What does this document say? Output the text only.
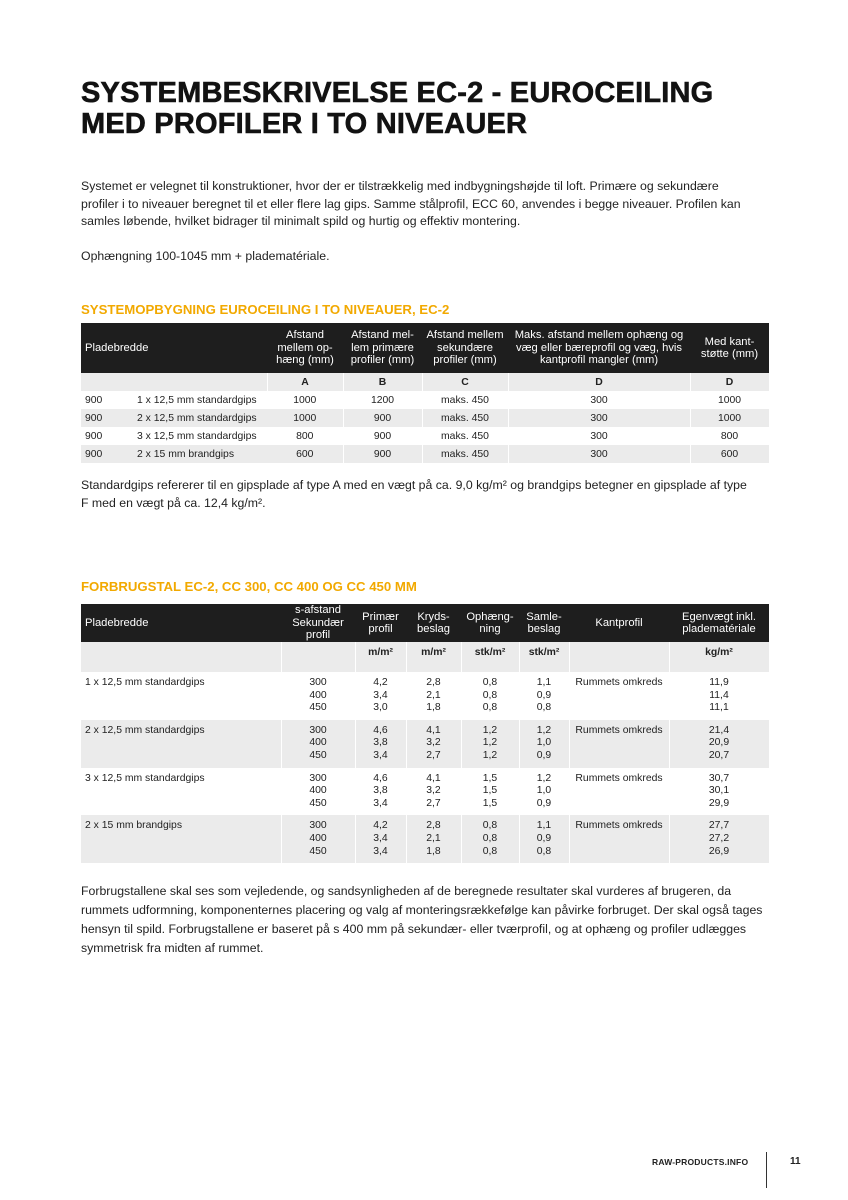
SYSTEMBESKRIVELSE EC-2 - EUROCEILING MED PROFILER I TO NIVEAUER

Systemet er velegnet til konstruktioner, hvor der er tilstrækkelig med indbygningshøjde til loft. Primære og sekundære profiler i to niveauer beregnet til et eller flere lag gips. Samme stålprofil, ECC 60, anvendes i begge niveauer. Profilen kan samles løbende, hvilket bidrager til minimalt spild og hurtig og effektiv montering.

Ophængning 100-1045 mm + pladematériale.

SYSTEMOPBYGNING EUROCEILING I TO NIVEAUER, EC-2
Pladebredde	Afstand mellem op-hæng (mm)	Afstand mel-lem primære profiler (mm)	Afstand mellem sekundære profiler (mm)	Maks. afstand mellem ophæng og væg eller bæreprofil og væg, hvis kantprofil mangler (mm)	Med kant-støtte (mm)
	A	B	C	D	D
900 1 x 12,5 mm standardgips	1000	1200	maks. 450	300	1000
900 2 x 12,5 mm standardgips	1000	900	maks. 450	300	1000
900 3 x 12,5 mm standardgips	800	900	maks. 450	300	800
900 2 x 15 mm brandgips	600	900	maks. 450	300	600

Standardgips refererer til en gipsplade af type A med en vægt på ca. 9,0 kg/m² og brandgips betegner en gipsplade af type F med en vægt på ca. 12,4 kg/m².

FORBRUGSTAL EC-2, CC 300, CC 400 OG CC 450 MM
Pladebredde	s-afstand Sekundær profil	Primær profil	Kryds-beslag	Ophæng-ning	Samle-beslag	Kantprofil	Egenvægt inkl. pladematériale
		m/m²	m/m²	stk/m²	stk/m²		kg/m²
1 x 12,5 mm standardgips	300
400
450	4,2
3,4
3,0	2,8
2,1
1,8	0,8
0,8
0,8	1,1
0,9
0,8	Rummets omkreds	11,9
11,4
11,1

2 x 12,5 mm standardgips	300
400
450	4,6
3,8
3,4	4,1
3,2
2,7	1,2
1,2
1,2	1,2
1,0
0,9	Rummets omkreds	21,4
20,9
20,7

3 x 12,5 mm standardgips	300
400
450	4,6
3,8
3,4	4,1
3,2
2,7	1,5
1,5
1,5	1,2
1,0
0,9	Rummets omkreds	30,7
30,1
29,9

2 x 15 mm brandgips	300
400
450	4,2
3,4
3,4	2,8
2,1
1,8	0,8
0,8
0,8	1,1
0,9
0,8	Rummets omkreds	27,7
27,2
26,9

Forbrugstallene skal ses som vejledende, og sandsynligheden af de beregnede resultater skal vurderes af brugeren, da rummets udformning, komponenternes placering og valg af monteringsrækkefølge kan påvirke forbruget. Der skal også tages hensyn til spild. Forbrugstallene er baseret på s 400 mm på sekundær- eller tværprofil, og at ophæng og profiler udlægges symmetrisk fra midten af rummet.

RAW-PRODUCTS.INFO	11
